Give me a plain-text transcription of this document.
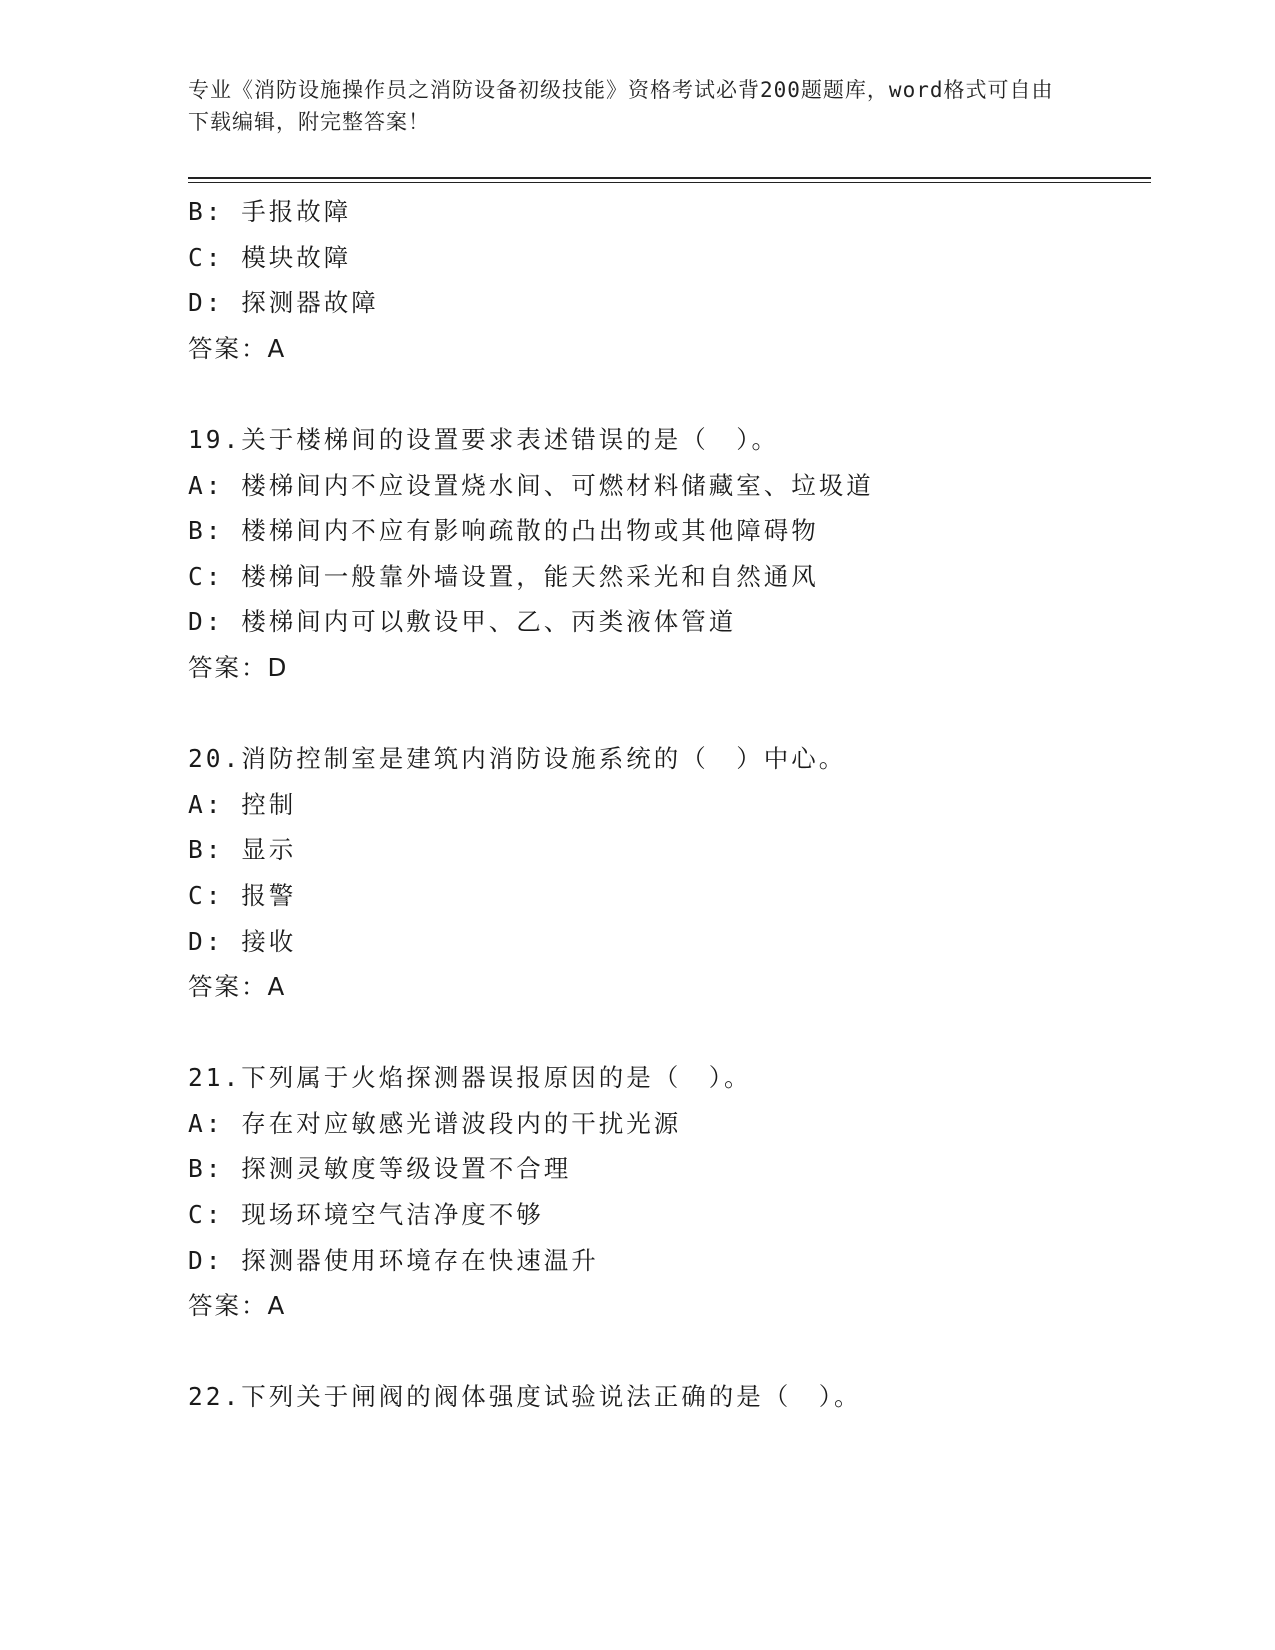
专业《消防设施操作员之消防设备初级技能》资格考试必背200题题库，word格式可自由下载编辑，附完整答案！
B: 手报故障
C: 模块故障
D: 探测器故障
答案：A
19.关于楼梯间的设置要求表述错误的是（　）。
A: 楼梯间内不应设置烧水间、可燃材料储藏室、垃圾道
B: 楼梯间内不应有影响疏散的凸出物或其他障碍物
C: 楼梯间一般靠外墙设置，能天然采光和自然通风
D: 楼梯间内可以敷设甲、乙、丙类液体管道
答案：D
20.消防控制室是建筑内消防设施系统的（　）中心。
A: 控制
B: 显示
C: 报警
D: 接收
答案：A
21.下列属于火焰探测器误报原因的是（　）。
A: 存在对应敏感光谱波段内的干扰光源
B: 探测灵敏度等级设置不合理
C: 现场环境空气洁净度不够
D: 探测器使用环境存在快速温升
答案：A
22.下列关于闸阀的阀体强度试验说法正确的是（　）。
